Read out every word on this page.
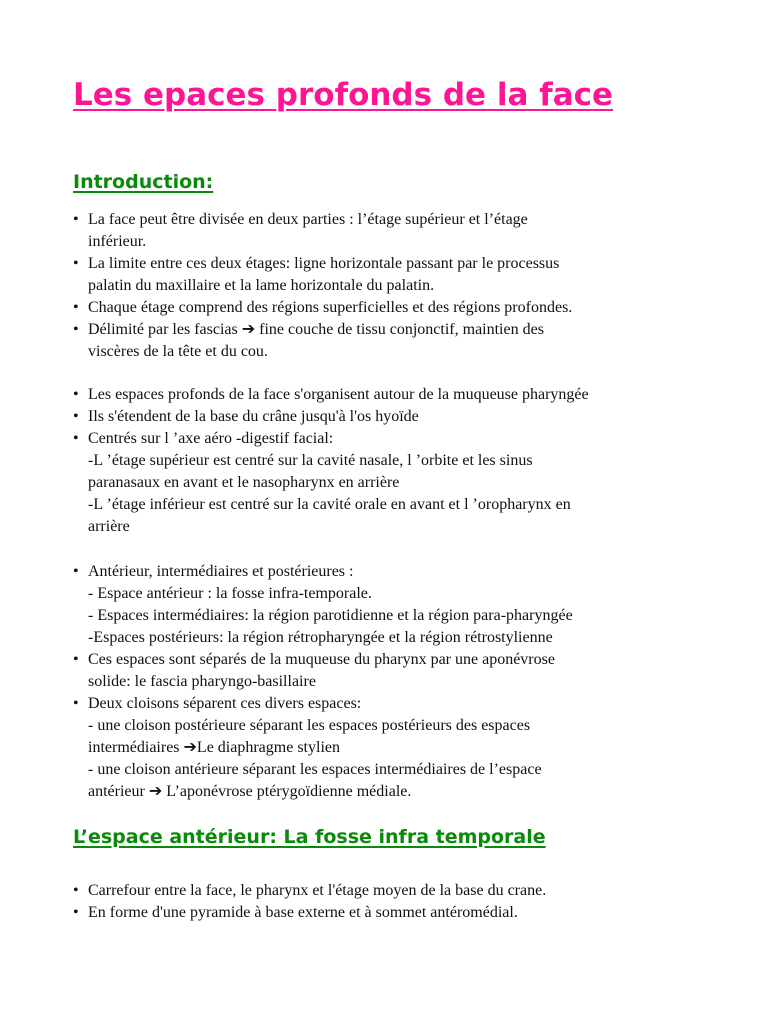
Les epaces profonds de la face
Introduction:
• La face peut être divisée en deux parties : l’étage supérieur et l’étage
inférieur.
• La limite entre ces deux étages: ligne horizontale passant par le processus
palatin du maxillaire et la lame horizontale du palatin.
• Chaque étage comprend des régions superficielles et des régions profondes.
• Délimité par les fascias ➔ fine couche de tissu conjonctif, maintien des
viscères de la tête et du cou.
• Les espaces profonds de la face s'organisent autour de la muqueuse pharyngée
• Ils s'étendent de la base du crâne jusqu'à l'os hyoïde
• Centrés sur l ’axe aéro -digestif facial:
-L ’étage supérieur est centré sur la cavité nasale, l ’orbite et les sinus
paranasaux en avant et le nasopharynx en arrière
-L ’étage inférieur est centré sur la cavité orale en avant et l ’oropharynx en
arrière
• Antérieur, intermédiaires et postérieures :
- Espace antérieur : la fosse infra-temporale.
- Espaces intermédiaires: la région parotidienne et la région para-pharyngée
-Espaces postérieurs: la région rétropharyngée et la région rétrostylienne
• Ces espaces sont séparés de la muqueuse du pharynx par une aponévrose
solide: le fascia pharyngo-basillaire
• Deux cloisons séparent ces divers espaces:
- une cloison postérieure séparant les espaces postérieurs des espaces
intermédiaires ➔Le diaphragme stylien
- une cloison antérieure séparant les espaces intermédiaires de l’espace
antérieur ➔ L’aponévrose ptérygoïdienne médiale.
L’espace antérieur: La fosse infra temporale
• Carrefour entre la face, le pharynx et l'étage moyen de la base du crane.
• En forme d'une pyramide à base externe et à sommet antéromédial.
